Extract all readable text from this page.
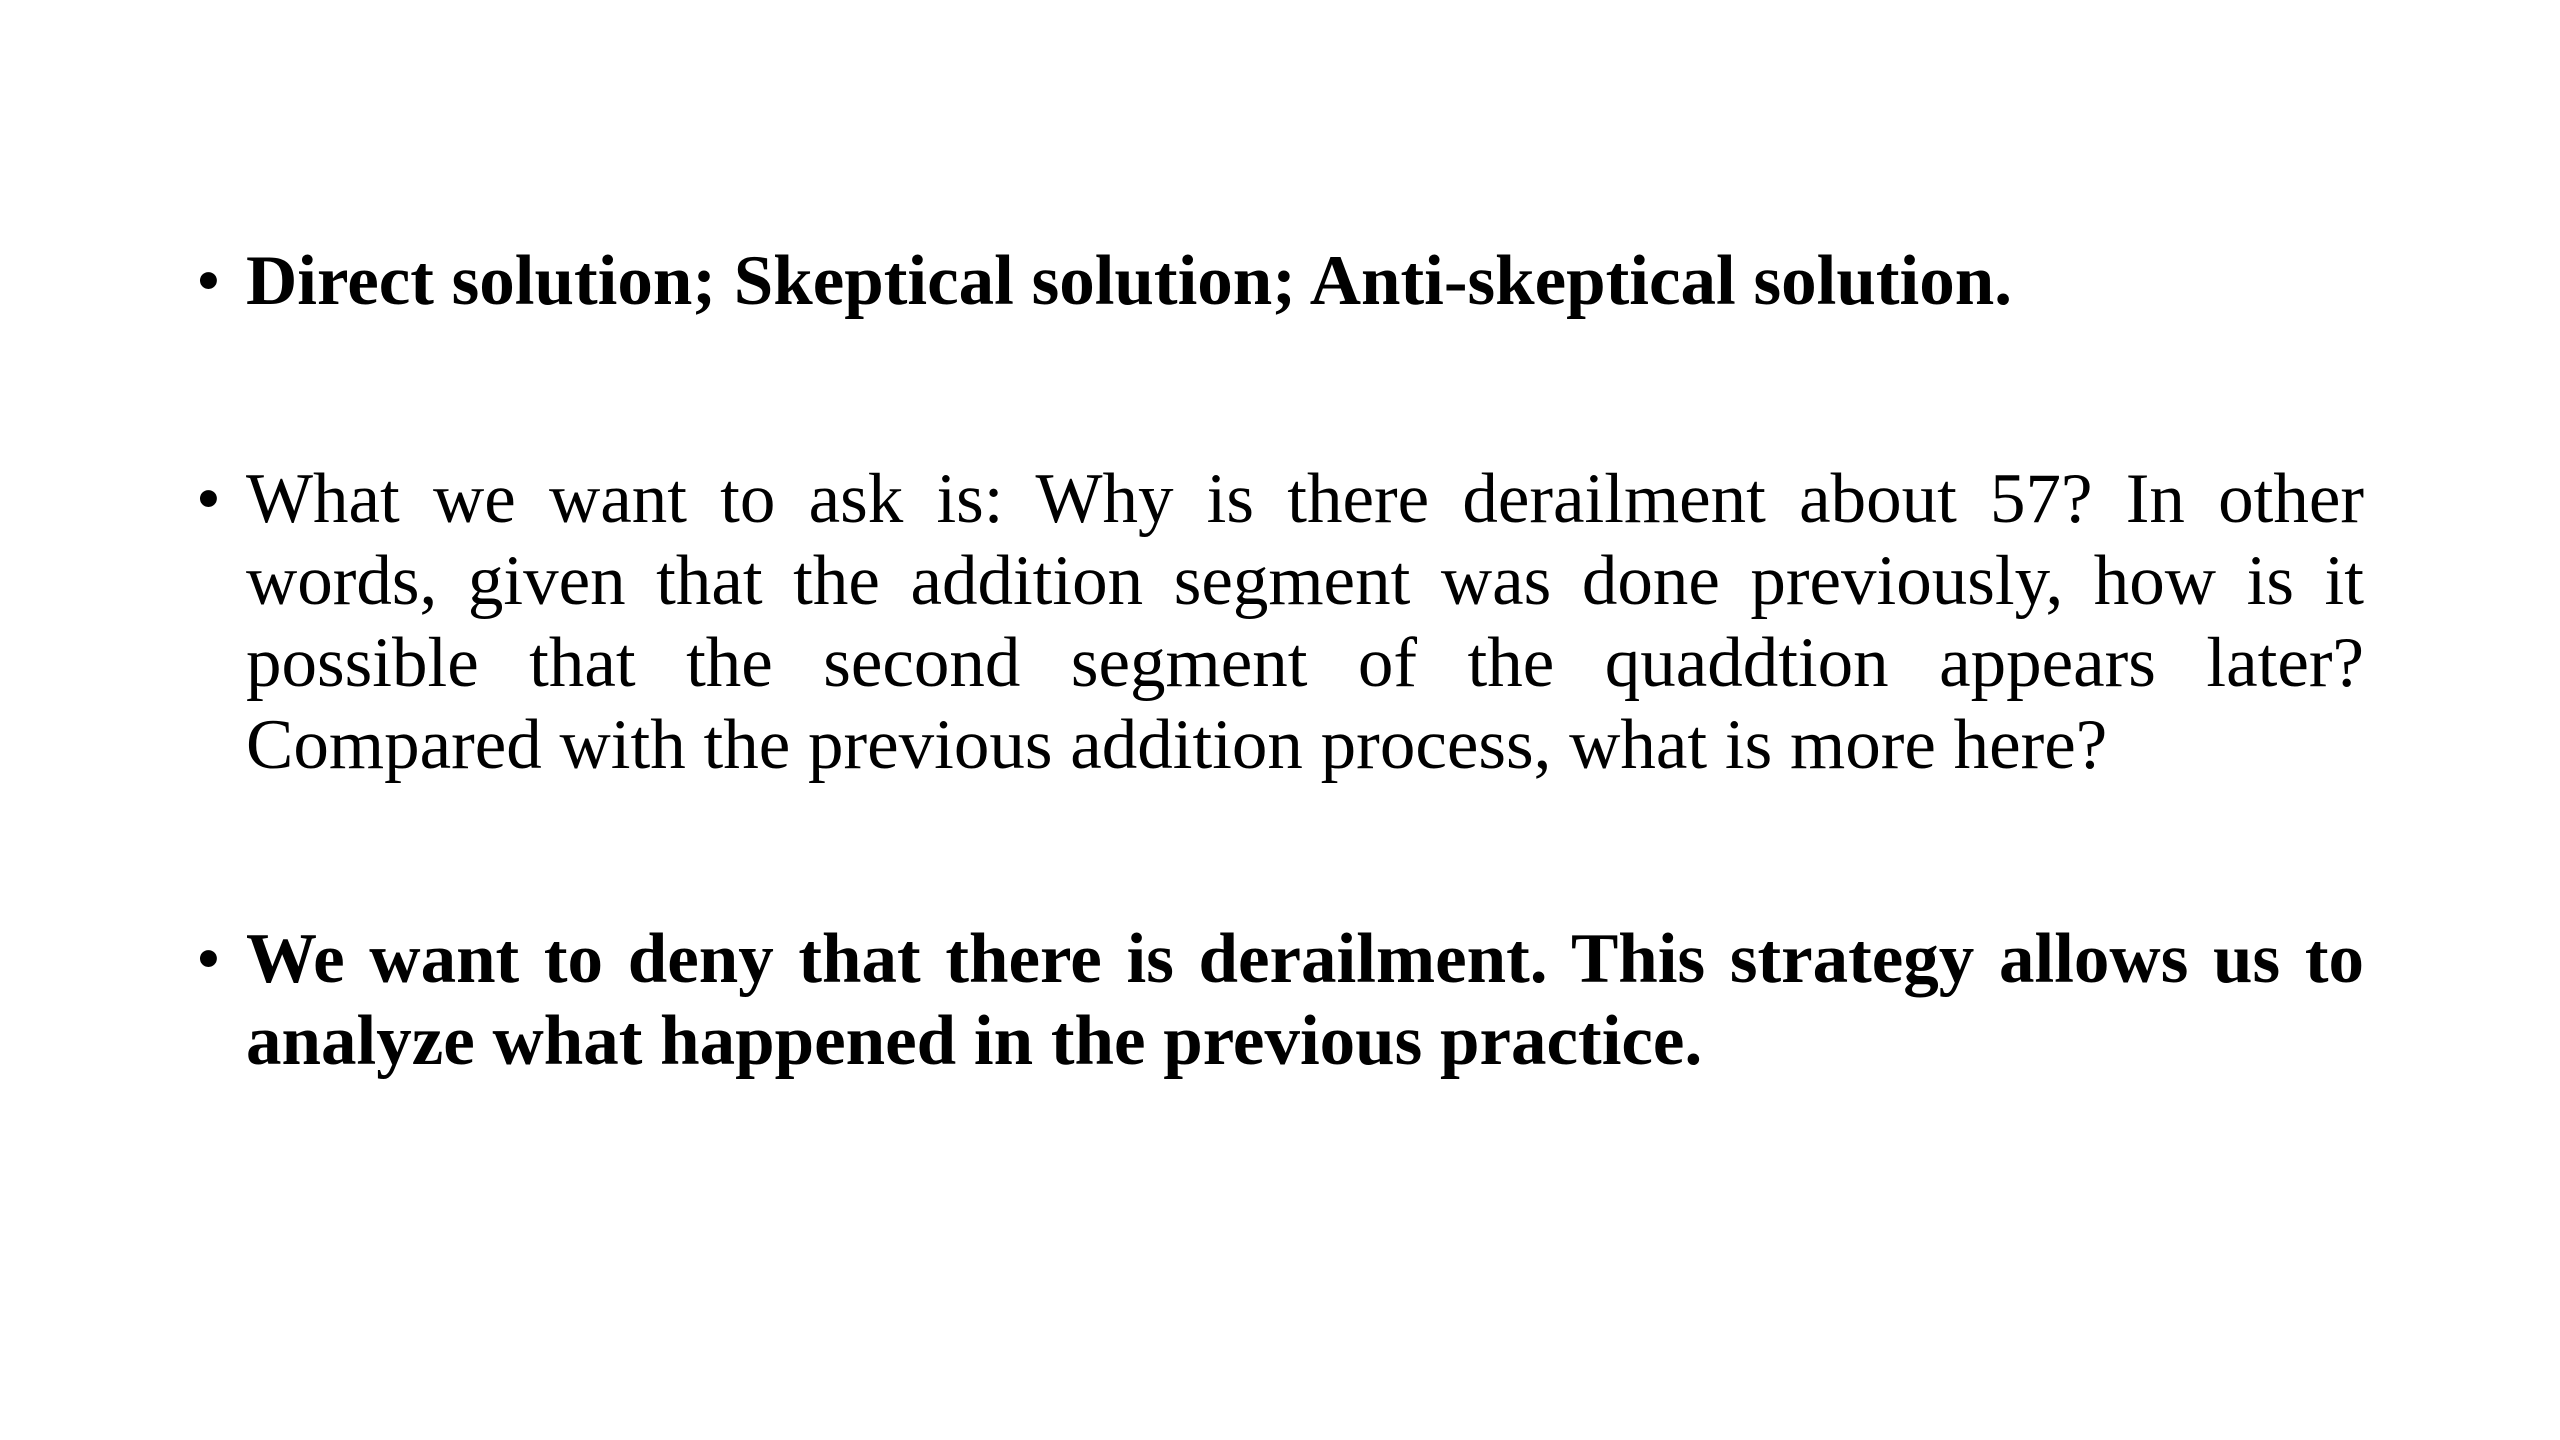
• Direct solution; Skeptical solution; Anti-skeptical solution.
• What we want to ask is: Why is there derailment about 57? In other words, given that the addition segment was done previously, how is it possible that the second segment of the quaddtion appears later? Compared with the previous addition process, what is more here?
• We want to deny that there is derailment. This strategy allows us to analyze what happened in the previous practice.
